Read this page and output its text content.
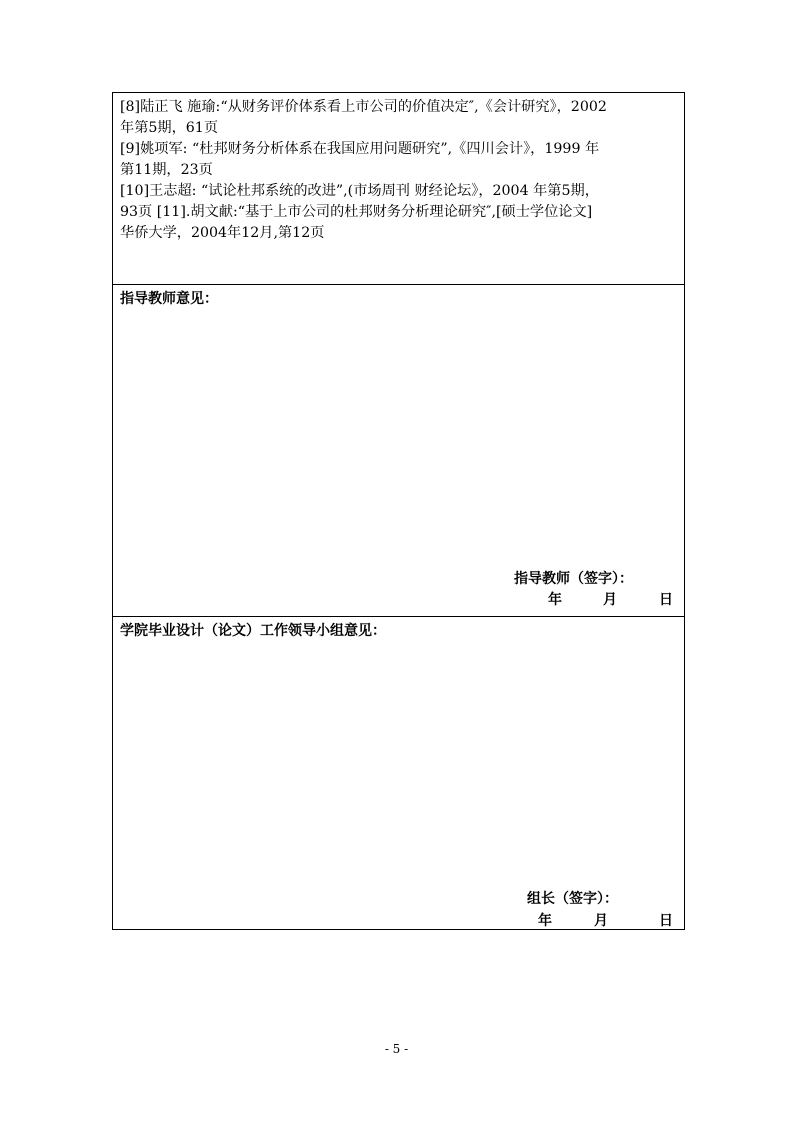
[8]陆正飞 施瑜:“从财务评价体系看上市公司的价值决定″,《会计研究》，2002
年第5期，61页
[9]姚项军: “杜邦财务分析体系在我国应用问题研究”,《四川会计》，1999 年
第11期，23页
[10]王志超: “试论杜邦系统的改进”,(市场周刊 财经论坛》，2004 年第5期，
93页 [11].胡文献:“基于上市公司的杜邦财务分析理论研究″,[硕士学位论文]
华侨大学，2004年12月,第12页
指导教师意见：
指导教师（签字）：
年	月	日
学院毕业设计（论文）工作领导小组意见：
组长（签字）：
年	月	日
- 5 -
